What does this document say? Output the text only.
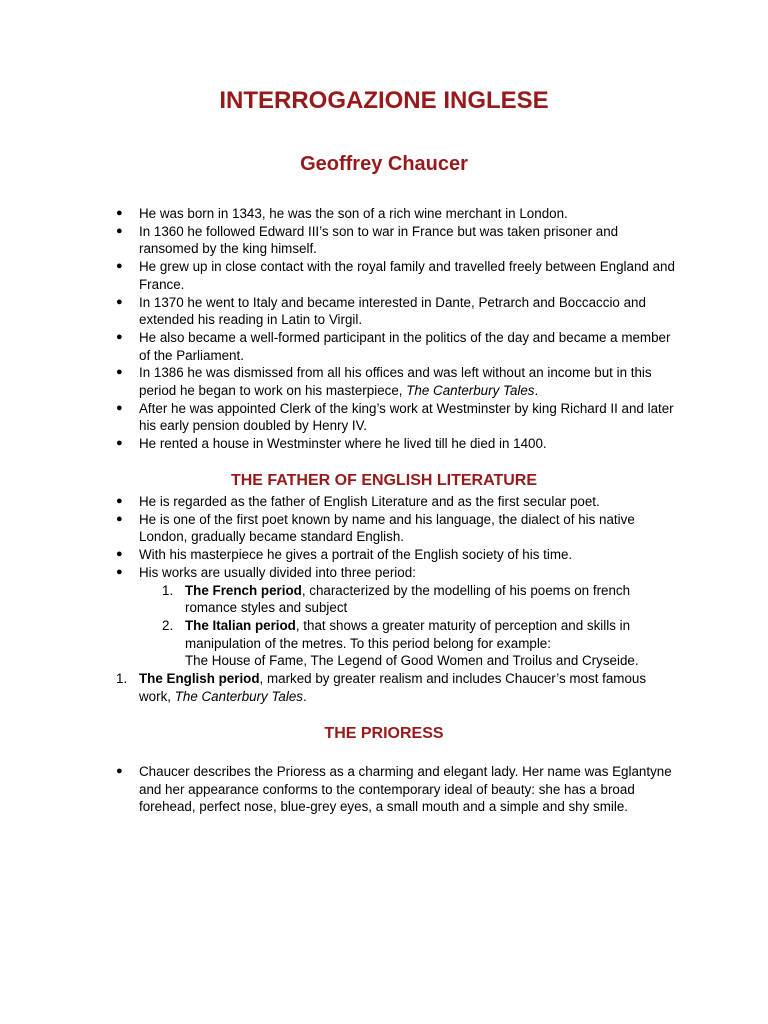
INTERROGAZIONE INGLESE
Geoffrey Chaucer
● He was born in 1343, he was the son of a rich wine merchant in London.
● In 1360 he followed Edward III’s son to war in France but was taken prisoner and ransomed by the king himself.
● He grew up in close contact with the royal family and travelled freely between England and France.
● In 1370 he went to Italy and became interested in Dante, Petrarch and Boccaccio and extended his reading in Latin to Virgil.
● He also became a well-formed participant in the politics of the day and became a member of the Parliament.
● In 1386 he was dismissed from all his offices and was left without an income but in this period he began to work on his masterpiece, The Canterbury Tales.
● After he was appointed Clerk of the king’s work at Westminster by king Richard II and later his early pension doubled by Henry IV.
● He rented a house in Westminster where he lived till he died in 1400.
THE FATHER OF ENGLISH LITERATURE
● He is regarded as the father of English Literature and as the first secular poet.
● He is one of the first poet known by name and his language, the dialect of his native London, gradually became standard English.
● With his masterpiece he gives a portrait of the English society of his time.
● His works are usually divided into three period:
1. The French period, characterized by the modelling of his poems on french romance styles and subject
2. The Italian period, that shows a greater maturity of perception and skills in manipulation of the metres. To this period belong for example:
The House of Fame, The Legend of Good Women and Troilus and Cryseide.
1. The English period, marked by greater realism and includes Chaucer’s most famous work, The Canterbury Tales.
THE PRIORESS
● Chaucer describes the Prioress as a charming and elegant lady. Her name was Eglantyne and her appearance conforms to the contemporary ideal of beauty: she has a broad forehead, perfect nose, blue-grey eyes, a small mouth and a simple and shy smile.
